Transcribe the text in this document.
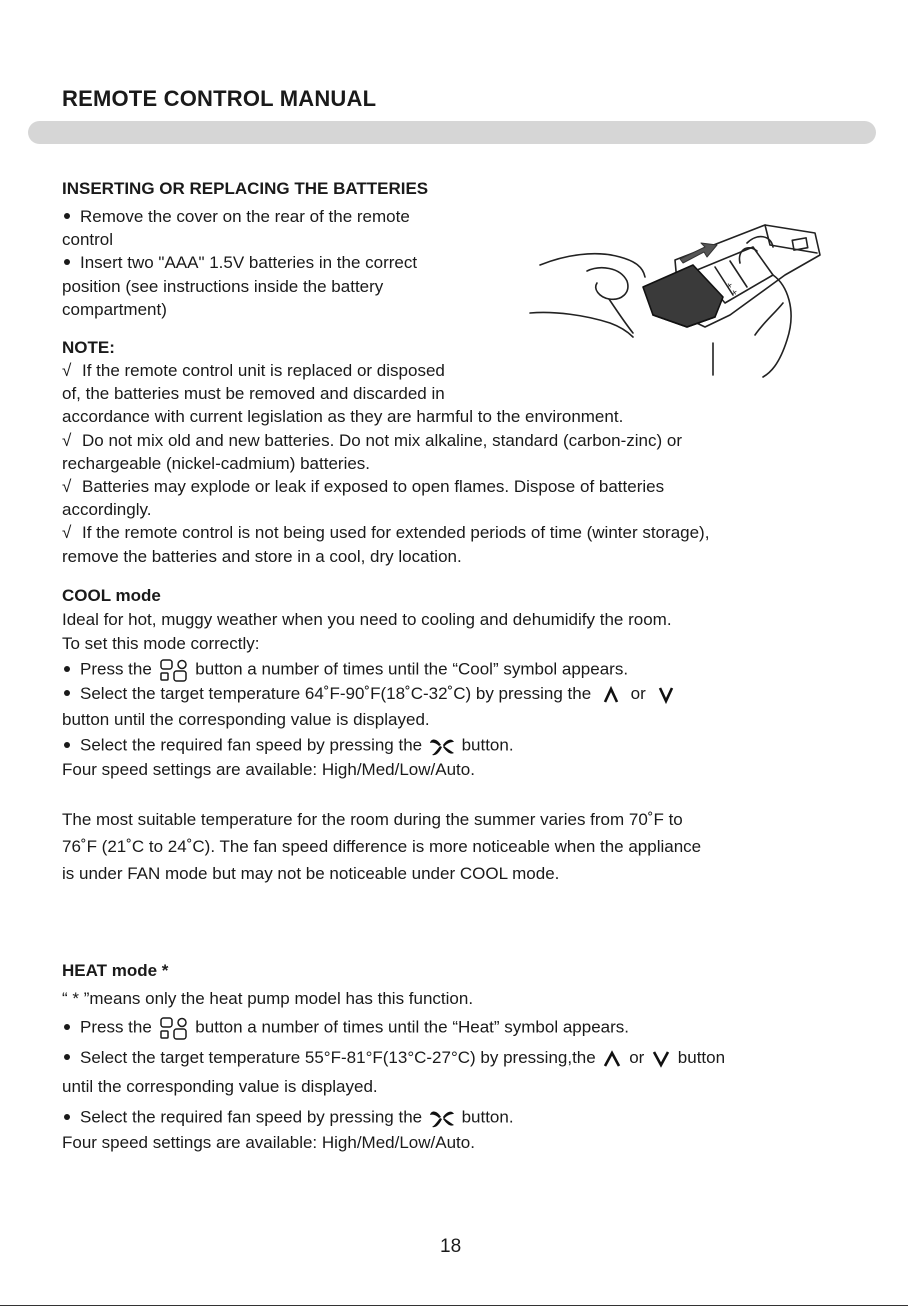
REMOTE CONTROL MANUAL
INSERTING OR REPLACING THE BATTERIES
Remove the cover on the rear of the remote
control
Insert two "AAA" 1.5V batteries in the correct
position (see instructions inside the battery
compartment)
+ +
NOTE:
√ If the remote control unit is replaced or disposed
of, the batteries must be removed and discarded in
accordance with current legislation as they are harmful to the environment.
√ Do not mix old and new batteries. Do not mix alkaline, standard (carbon-zinc) or
rechargeable (nickel-cadmium) batteries.
√ Batteries may explode or leak if exposed to open flames. Dispose of batteries
accordingly.
√ If the remote control is not being used for extended periods of time (winter storage),
remove the batteries and store in a cool, dry location.
COOL mode
Ideal for hot, muggy weather when you need to cooling and dehumidify the room.
To set this mode correctly:
Press the	button a number of times until the “Cool” symbol appears.
Select the target temperature 64˚F-90˚F(18˚C-32˚C) by pressing the or
button until the corresponding value is displayed.
Select the required fan speed by pressing the button.
Four speed settings are available: High/Med/Low/Auto.
The most suitable temperature for the room during the summer varies from 70˚F to
76˚F (21˚C to 24˚C). The fan speed difference is more noticeable when the appliance
is under FAN mode but may not be noticeable under COOL mode.
HEAT mode *
“ * ”means only the heat pump model has this function.
Press the	button a number of times until the “Heat” symbol appears.
Select the target temperature 55°F-81°F(13°C-27°C) by pressing,the or button
until the corresponding value is displayed.
Select the required fan speed by pressing the button.
Four speed settings are available: High/Med/Low/Auto.
18
